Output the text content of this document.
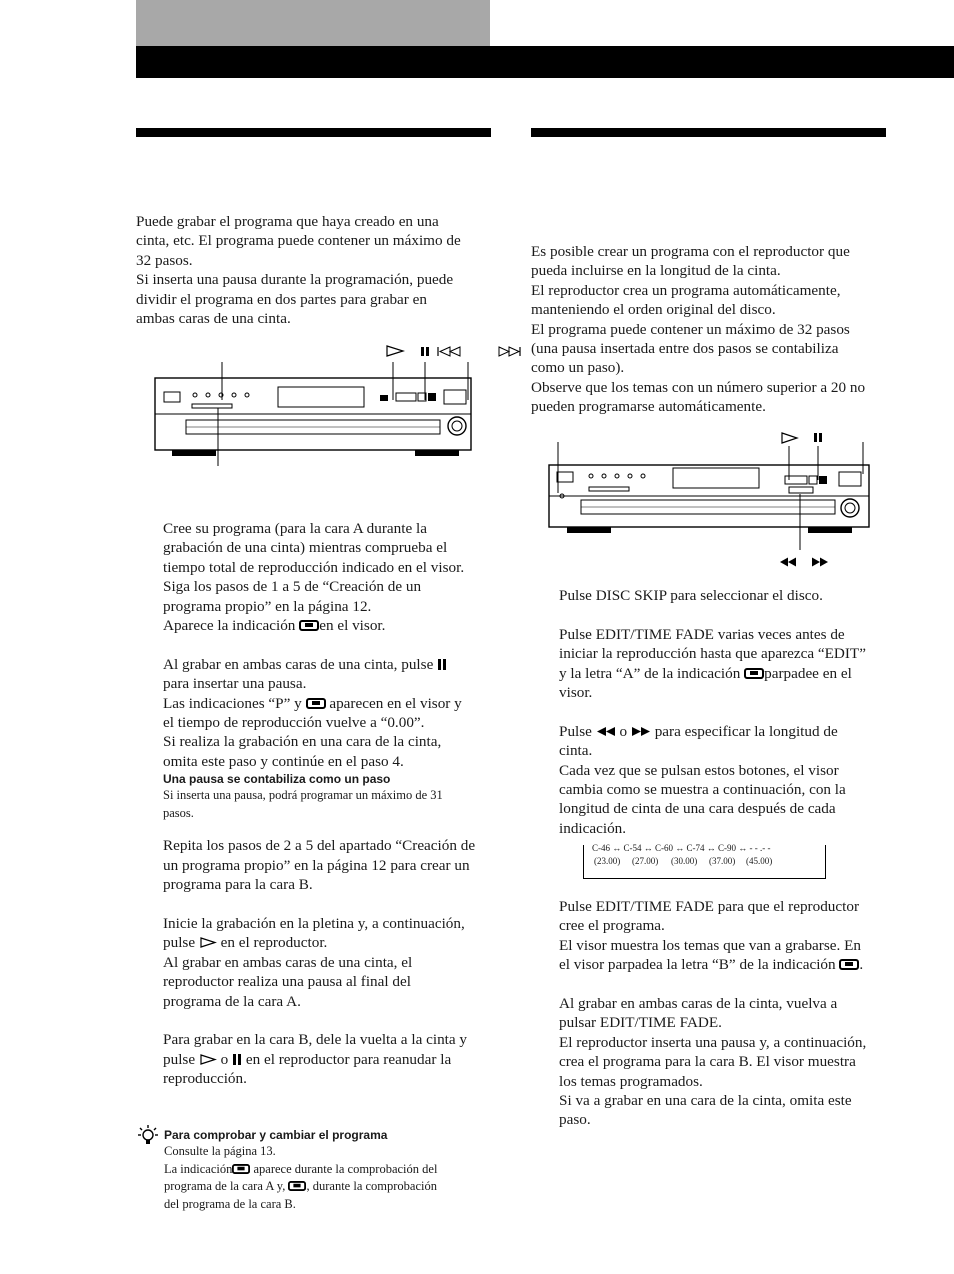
Puede grabar el programa que haya creado en una

cinta, etc. El programa puede contener un máximo de

32 pasos.

Si inserta una pausa durante la programación, puede

dividir el programa en dos partes para grabar en

ambas caras de una cinta.

Cree su programa (para la cara A durante la

grabación de una cinta) mientras comprueba el

tiempo total de reproducción indicado en el visor.

Siga los pasos de 1 a 5 de “Creación de un

programa propio” en la página 12.

Aparece la indicación en el visor.

Al grabar en ambas caras de una cinta, pulse

para insertar una pausa.

Las indicaciones “P” y aparecen en el visor y

el tiempo de reproducción vuelve a “0.00”.

Si realiza la grabación en una cara de la cinta,

omita este paso y continúe en el paso 4.

Una pausa se contabiliza como un paso

Si inserta una pausa, podrá programar un máximo de 31

pasos.

Repita los pasos de 2 a 5 del apartado “Creación de

un programa propio” en la página 12 para crear un

programa para la cara B.

Inicie la grabación en la pletina y, a continuación,

pulse en el reproductor.

Al grabar en ambas caras de una cinta, el

reproductor realiza una pausa al final del

programa de la cara A.

Para grabar en la cara B, dele la vuelta a la cinta y

pulse o en el reproductor para reanudar la

reproducción.

Para comprobar y cambiar el programa

Consulte la página 13.

La indicación aparece durante la comprobación del

programa de la cara A y, , durante la comprobación

del programa de la cara B.

Es posible crear un programa con el reproductor que

pueda incluirse en la longitud de la cinta.

El reproductor crea un programa automáticamente,

manteniendo el orden original del disco.

El programa puede contener un máximo de 32 pasos

(una pausa insertada entre dos pasos se contabiliza

como un paso).

Observe que los temas con un número superior a 20 no

pueden programarse automáticamente.

Pulse DISC SKIP para seleccionar el disco.

Pulse EDIT/TIME FADE varias veces antes de

iniciar la reproducción hasta que aparezca “EDIT”

y la letra “A” de la indicación parpadee en el

visor.

Pulse o para especificar la longitud de

cinta.

Cada vez que se pulsan estos botones, el visor

cambia como se muestra a continuación, con la

longitud de cinta de una cara después de cada

indicación.

C-46 ↔ C-54 ↔ C-60 ↔ C-74 ↔ C-90 ↔ - - .- -
(23.00) (27.00) (30.00) (37.00) (45.00)

Pulse EDIT/TIME FADE para que el reproductor

cree el programa.

El visor muestra los temas que van a grabarse. En

el visor parpadea la letra “B” de la indicación .

Al grabar en ambas caras de la cinta, vuelva a

pulsar EDIT/TIME FADE.

El reproductor inserta una pausa y, a continuación,

crea el programa para la cara B. El visor muestra

los temas programados.

Si va a grabar en una cara de la cinta, omita este

paso.
